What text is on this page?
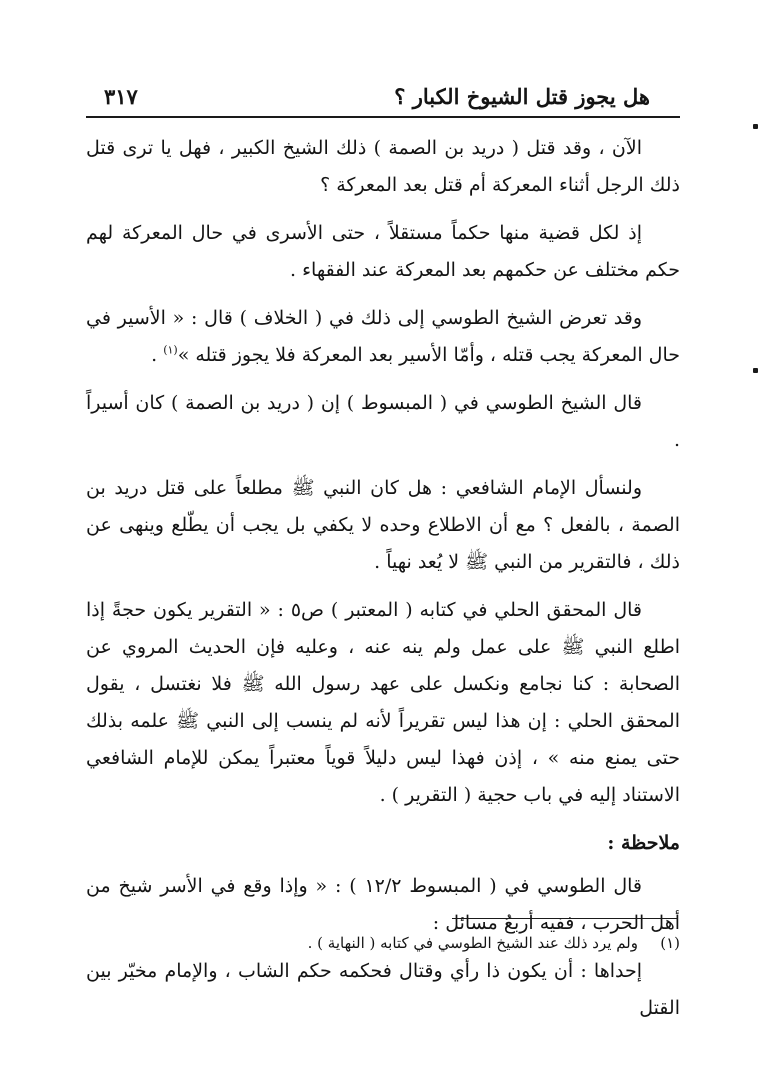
هل يجوز قتل الشيوخ الكبار ؟
٣١٧

الآن ، وقد قتل ( دريد بن الصمة ) ذلك الشيخ الكبير ، فهل يا ترى قتل ذلك الرجل أثناء المعركة أم قتل بعد المعركة ؟

إذ لكل قضية منها حكماً مستقلاً ، حتى الأسرى في حال المعركة لهم حكم مختلف عن حكمهم بعد المعركة عند الفقهاء .

وقد تعرض الشيخ الطوسي إلى ذلك في ( الخلاف ) قال : « الأسير في حال المعركة يجب قتله ، وأمّا الأسير بعد المعركة فلا يجوز قتله »$^{(١)}$ .

قال الشيخ الطوسي في ( المبسوط ) إن ( دريد بن الصمة ) كان أسيراً .

ولنسأل الإمام الشافعي : هل كان النبي ﷺ مطلعاً على قتل دريد بن الصمة ، بالفعل ؟ مع أن الاطلاع وحده لا يكفي بل يجب أن يطّلع وينهى عن ذلك ، فالتقرير من النبي ﷺ لا يُعد نهياً .

قال المحقق الحلي في كتابه ( المعتبر ) ص٥ : « التقرير يكون حجةً إذا اطلع النبي ﷺ على عمل ولم ينه عنه ، وعليه فإن الحديث المروي عن الصحابة : كنا نجامع ونكسل على عهد رسول الله ﷺ فلا نغتسل ، يقول المحقق الحلي : إن هذا ليس تقريراً لأنه لم ينسب إلى النبي ﷺ علمه بذلك حتى يمنع منه » ، إذن فهذا ليس دليلاً قوياً معتبراً يمكن للإمام الشافعي الاستناد إليه في باب حجية ( التقرير ) .

ملاحظة :

قال الطوسي في ( المبسوط ١٢/٢ ) : « وإذا وقع في الأسر شيخ من أهل الحرب ، ففيه أربعُ مسائل :

إحداها : أن يكون ذا رأي وقتال فحكمه حكم الشاب ، والإمام مخيّر بين القتل

(١)ولم يرد ذلك عند الشيخ الطوسي في كتابه ( النهاية ) .
